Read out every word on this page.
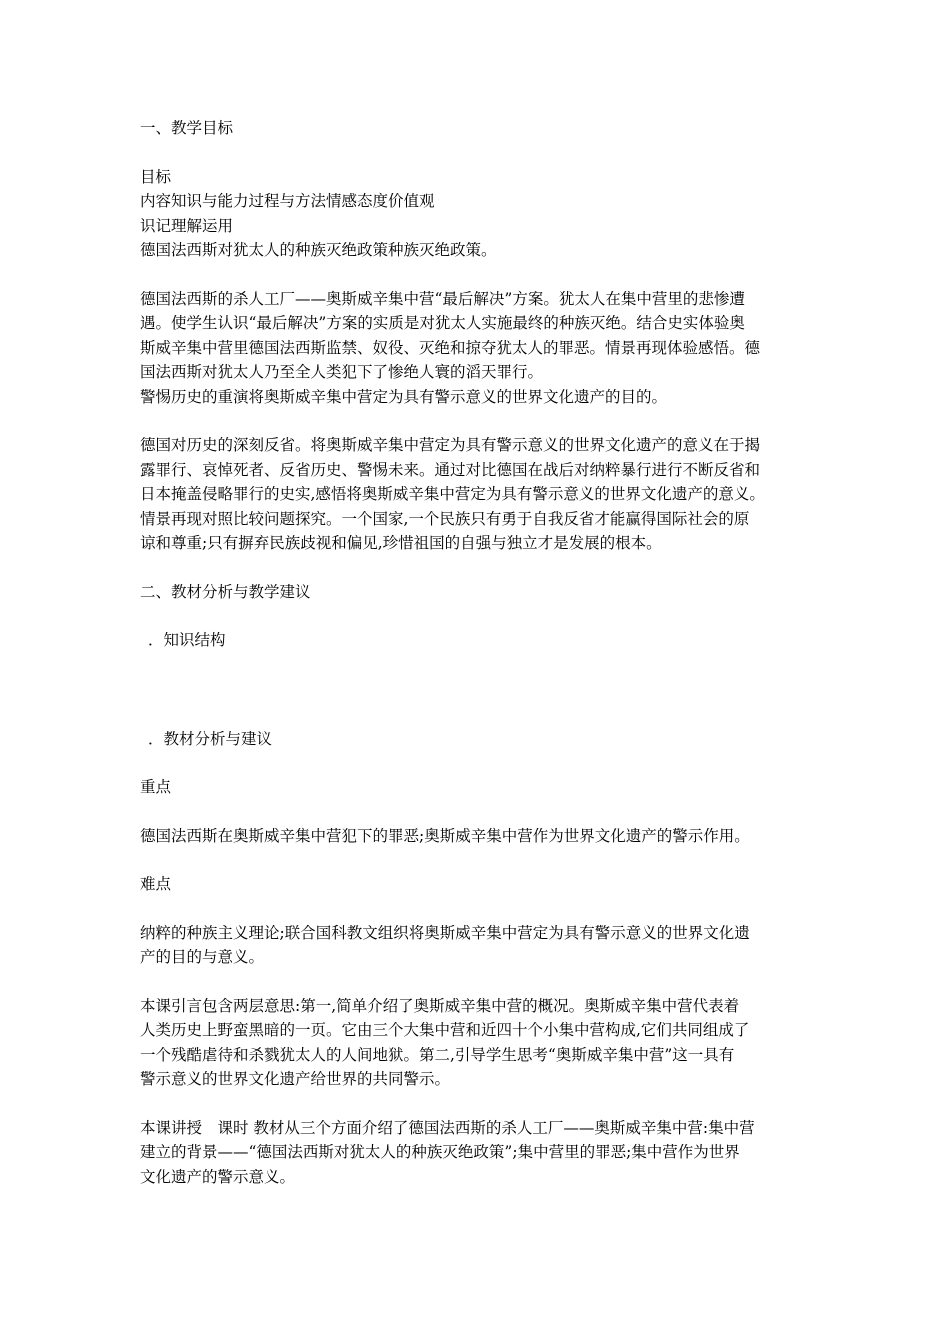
一、教学目标

目标
内容知识与能力过程与方法情感态度价值观
识记理解运用
德国法西斯对犹太人的种族灭绝政策种族灭绝政策。
德国法西斯的杀人工厂——奥斯威辛集中营“最后解决”方案。犹太人在集中营里的悲惨遭
遇。使学生认识“最后解决”方案的实质是对犹太人实施最终的种族灭绝。结合史实体验奥
斯威辛集中营里德国法西斯监禁、奴役、灭绝和掠夺犹太人的罪恶。情景再现体验感悟。德
国法西斯对犹太人乃至全人类犯下了惨绝人寰的滔天罪行。
警惕历史的重演将奥斯威辛集中营定为具有警示意义的世界文化遗产的目的。
德国对历史的深刻反省。将奥斯威辛集中营定为具有警示意义的世界文化遗产的意义在于揭
露罪行、哀悼死者、反省历史、警惕未来。通过对比德国在战后对纳粹暴行进行不断反省和
日本掩盖侵略罪行的史实,感悟将奥斯威辛集中营定为具有警示意义的世界文化遗产的意义。
情景再现对照比较问题探究。一个国家,一个民族只有勇于自我反省才能赢得国际社会的原
谅和尊重;只有摒弃民族歧视和偏见,珍惜祖国的自强与独立才是发展的根本。

二、教材分析与教学建议

．知识结构

．教材分析与建议

重点

德国法西斯在奥斯威辛集中营犯下的罪恶;奥斯威辛集中营作为世界文化遗产的警示作用。

难点

纳粹的种族主义理论;联合国科教文组织将奥斯威辛集中营定为具有警示意义的世界文化遗
产的目的与意义。
本课引言包含两层意思:第一,简单介绍了奥斯威辛集中营的概况。奥斯威辛集中营代表着
人类历史上野蛮黑暗的一页。它由三个大集中营和近四十个小集中营构成,它们共同组成了
一个残酷虐待和杀戮犹太人的人间地狱。第二,引导学生思考“奥斯威辛集中营”这一具有
警示意义的世界文化遗产给世界的共同警示。
本课讲授　课时 教材从三个方面介绍了德国法西斯的杀人工厂——奥斯威辛集中营:集中营
建立的背景——“德国法西斯对犹太人的种族灭绝政策”;集中营里的罪恶;集中营作为世界
文化遗产的警示意义。
